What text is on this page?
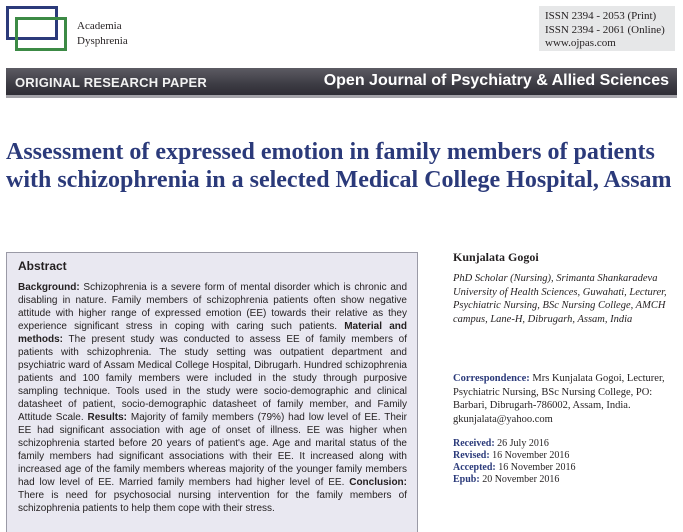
Academia
Dysphrenia
ISSN 2394 - 2053 (Print)
ISSN 2394 - 2061 (Online)
www.ojpas.com
ORIGINAL RESEARCH PAPER	Open Journal of Psychiatry & Allied Sciences
Assessment of expressed emotion in family members of patients with schizophrenia in a selected Medical College Hospital, Assam
Abstract

Background: Schizophrenia is a severe form of mental disorder which is chronic and disabling in nature. Family members of schizophrenia patients often show negative attitude with higher range of expressed emotion (EE) towards their relative as they experience significant stress in coping with caring such patients. Material and methods: The present study was conducted to assess EE of family members of patients with schizophrenia. The study setting was outpatient department and psychiatric ward of Assam Medical College Hospital, Dibrugarh. Hundred schizophrenia patients and 100 family members were included in the study through purposive sampling technique. Tools used in the study were socio-demographic and clinical datasheet of patient, socio-demographic datasheet of family member, and Family Attitude Scale. Results: Majority of family members (79%) had low level of EE. Their EE had significant association with age of onset of illness. EE was higher when schizophrenia started before 20 years of patient's age. Age and marital status of the family members had significant associations with their EE. It increased along with increased age of the family members whereas majority of the younger family members had low level of EE. Married family members had higher level of EE. Conclusion: There is need for psychosocial nursing intervention for the family members of schizophrenia patients to help them cope with their stress.

Kunjalata Gogoi
PhD Scholar (Nursing), Srimanta Shankaradeva University of Health Sciences, Guwahati, Lecturer, Psychiatric Nursing, BSc Nursing College, AMCH campus, Lane-H, Dibrugarh, Assam, India
Correspondence: Mrs Kunjalata Gogoi, Lecturer, Psychiatric Nursing, BSc Nursing College, PO: Barbari, Dibrugarh-786002, Assam, India. gkunjalata@yahoo.com
Received: 26 July 2016
Revised: 16 November 2016
Accepted: 16 November 2016
Epub: 20 November 2016
